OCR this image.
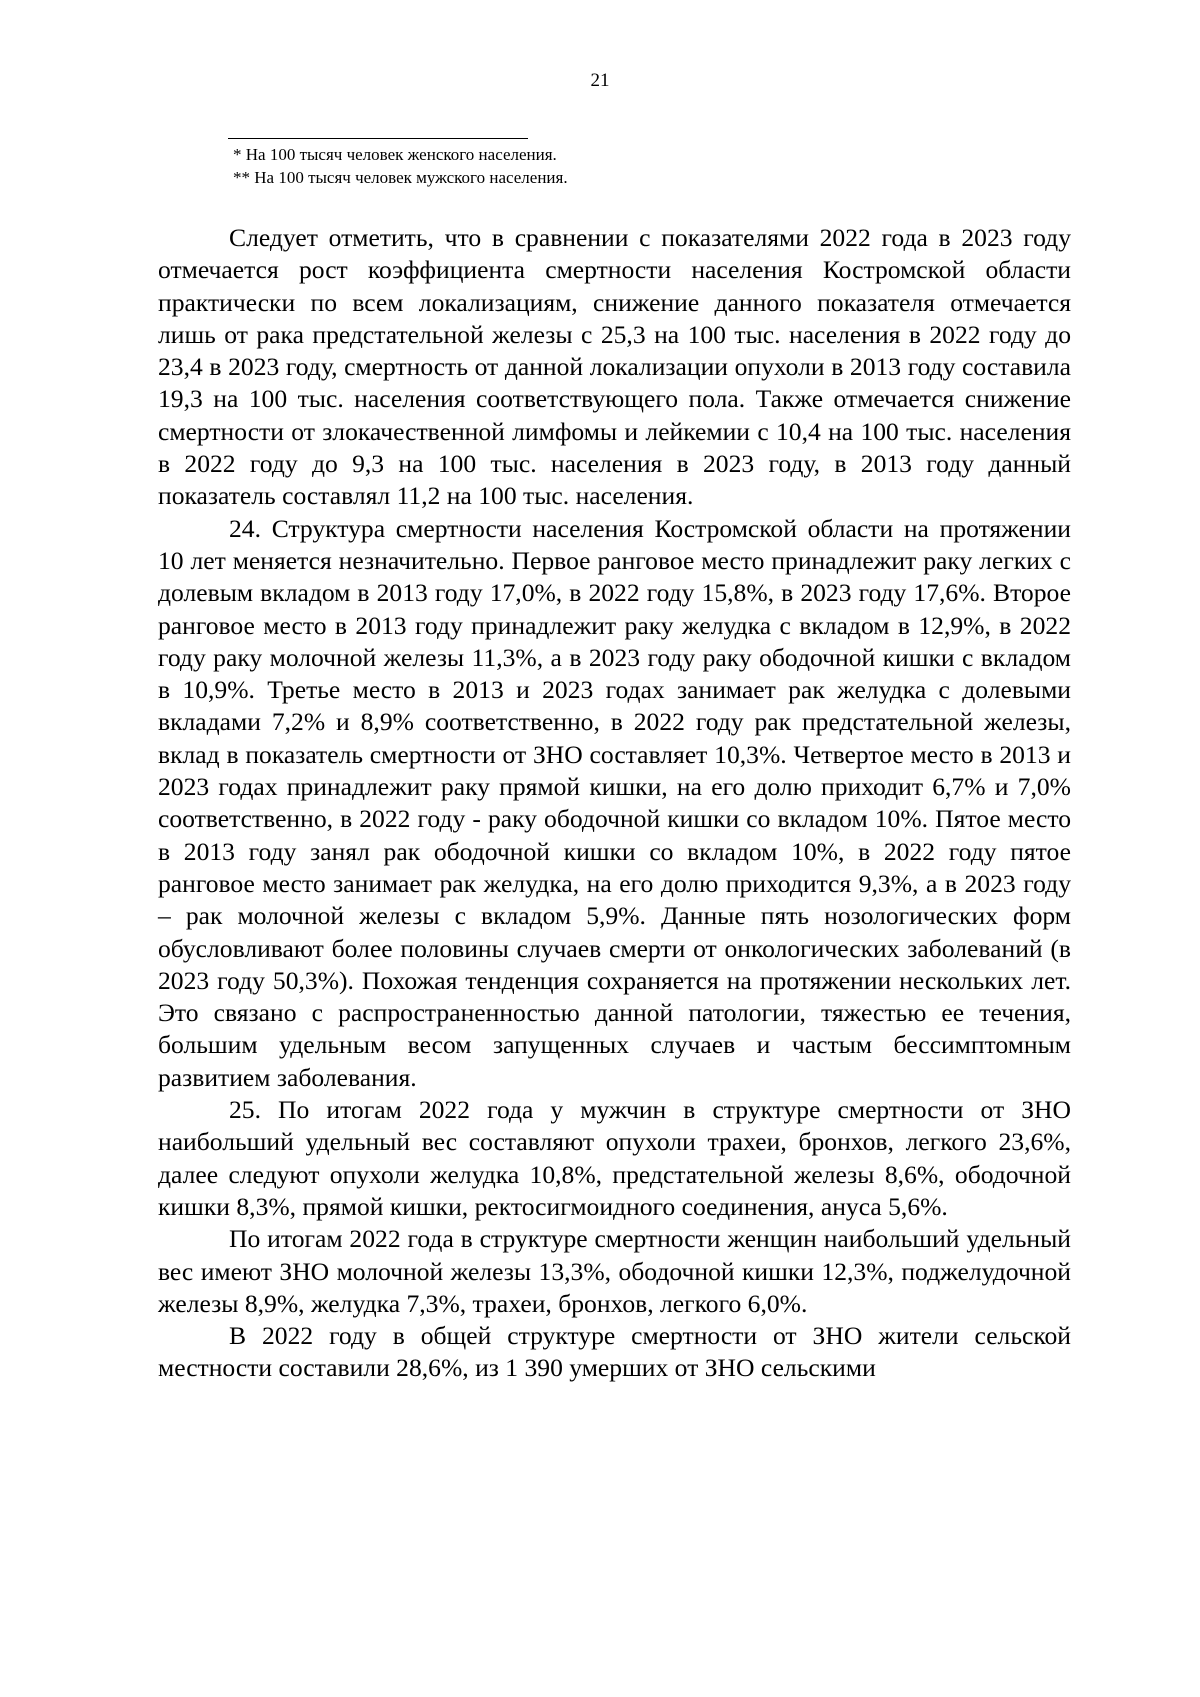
21
* На 100 тысяч человек женского населения.
** На 100 тысяч человек мужского населения.

Следует отметить, что в сравнении с показателями 2022 года в 2023 году отмечается рост коэффициента смертности населения Костромской области практически по всем локализациям, снижение данного показателя отмечается лишь от рака предстательной железы с 25,3 на 100 тыс. населения в 2022 году до 23,4 в 2023 году, смертность от данной локализации опухоли в 2013 году составила 19,3 на 100 тыс. населения соответствующего пола. Также отмечается снижение смертности от злокачественной лимфомы и лейкемии с 10,4 на 100 тыс. населения в 2022 году до 9,3 на 100 тыс. населения в 2023 году, в 2013 году данный показатель составлял 11,2 на 100 тыс. населения.

24. Структура смертности населения Костромской области на протяжении 10 лет меняется незначительно. Первое ранговое место принадлежит раку легких с долевым вкладом в 2013 году 17,0%, в 2022 году 15,8%, в 2023 году 17,6%. Второе ранговое место в 2013 году принадлежит раку желудка с вкладом в 12,9%, в 2022 году раку молочной железы 11,3%, а в 2023 году раку ободочной кишки с вкладом в 10,9%. Третье место в 2013 и 2023 годах занимает рак желудка с долевыми вкладами 7,2% и 8,9% соответственно, в 2022 году рак предстательной железы, вклад в показатель смертности от ЗНО составляет 10,3%. Четвертое место в 2013 и 2023 годах принадлежит раку прямой кишки, на его долю приходит 6,7% и 7,0% соответственно, в 2022 году - раку ободочной кишки со вкладом 10%. Пятое место в 2013 году занял рак ободочной кишки со вкладом 10%, в 2022 году пятое ранговое место занимает рак желудка, на его долю приходится 9,3%, а в 2023 году – рак молочной железы с вкладом 5,9%. Данные пять нозологических форм обусловливают более половины случаев смерти от онкологических заболеваний (в 2023 году 50,3%). Похожая тенденция сохраняется на протяжении нескольких лет. Это связано с распространенностью данной патологии, тяжестью ее течения, большим удельным весом запущенных случаев и частым бессимптомным развитием заболевания.

25. По итогам 2022 года у мужчин в структуре смертности от ЗНО наибольший удельный вес составляют опухоли трахеи, бронхов, легкого 23,6%, далее следуют опухоли желудка 10,8%, предстательной железы 8,6%, ободочной кишки 8,3%, прямой кишки, ректосигмоидного соединения, ануса 5,6%.

По итогам 2022 года в структуре смертности женщин наибольший удельный вес имеют ЗНО молочной железы 13,3%, ободочной кишки 12,3%, поджелудочной железы 8,9%, желудка 7,3%, трахеи, бронхов, легкого 6,0%.

В 2022 году в общей структуре смертности от ЗНО жители сельской местности составили 28,6%, из 1 390 умерших от ЗНО сельскими
